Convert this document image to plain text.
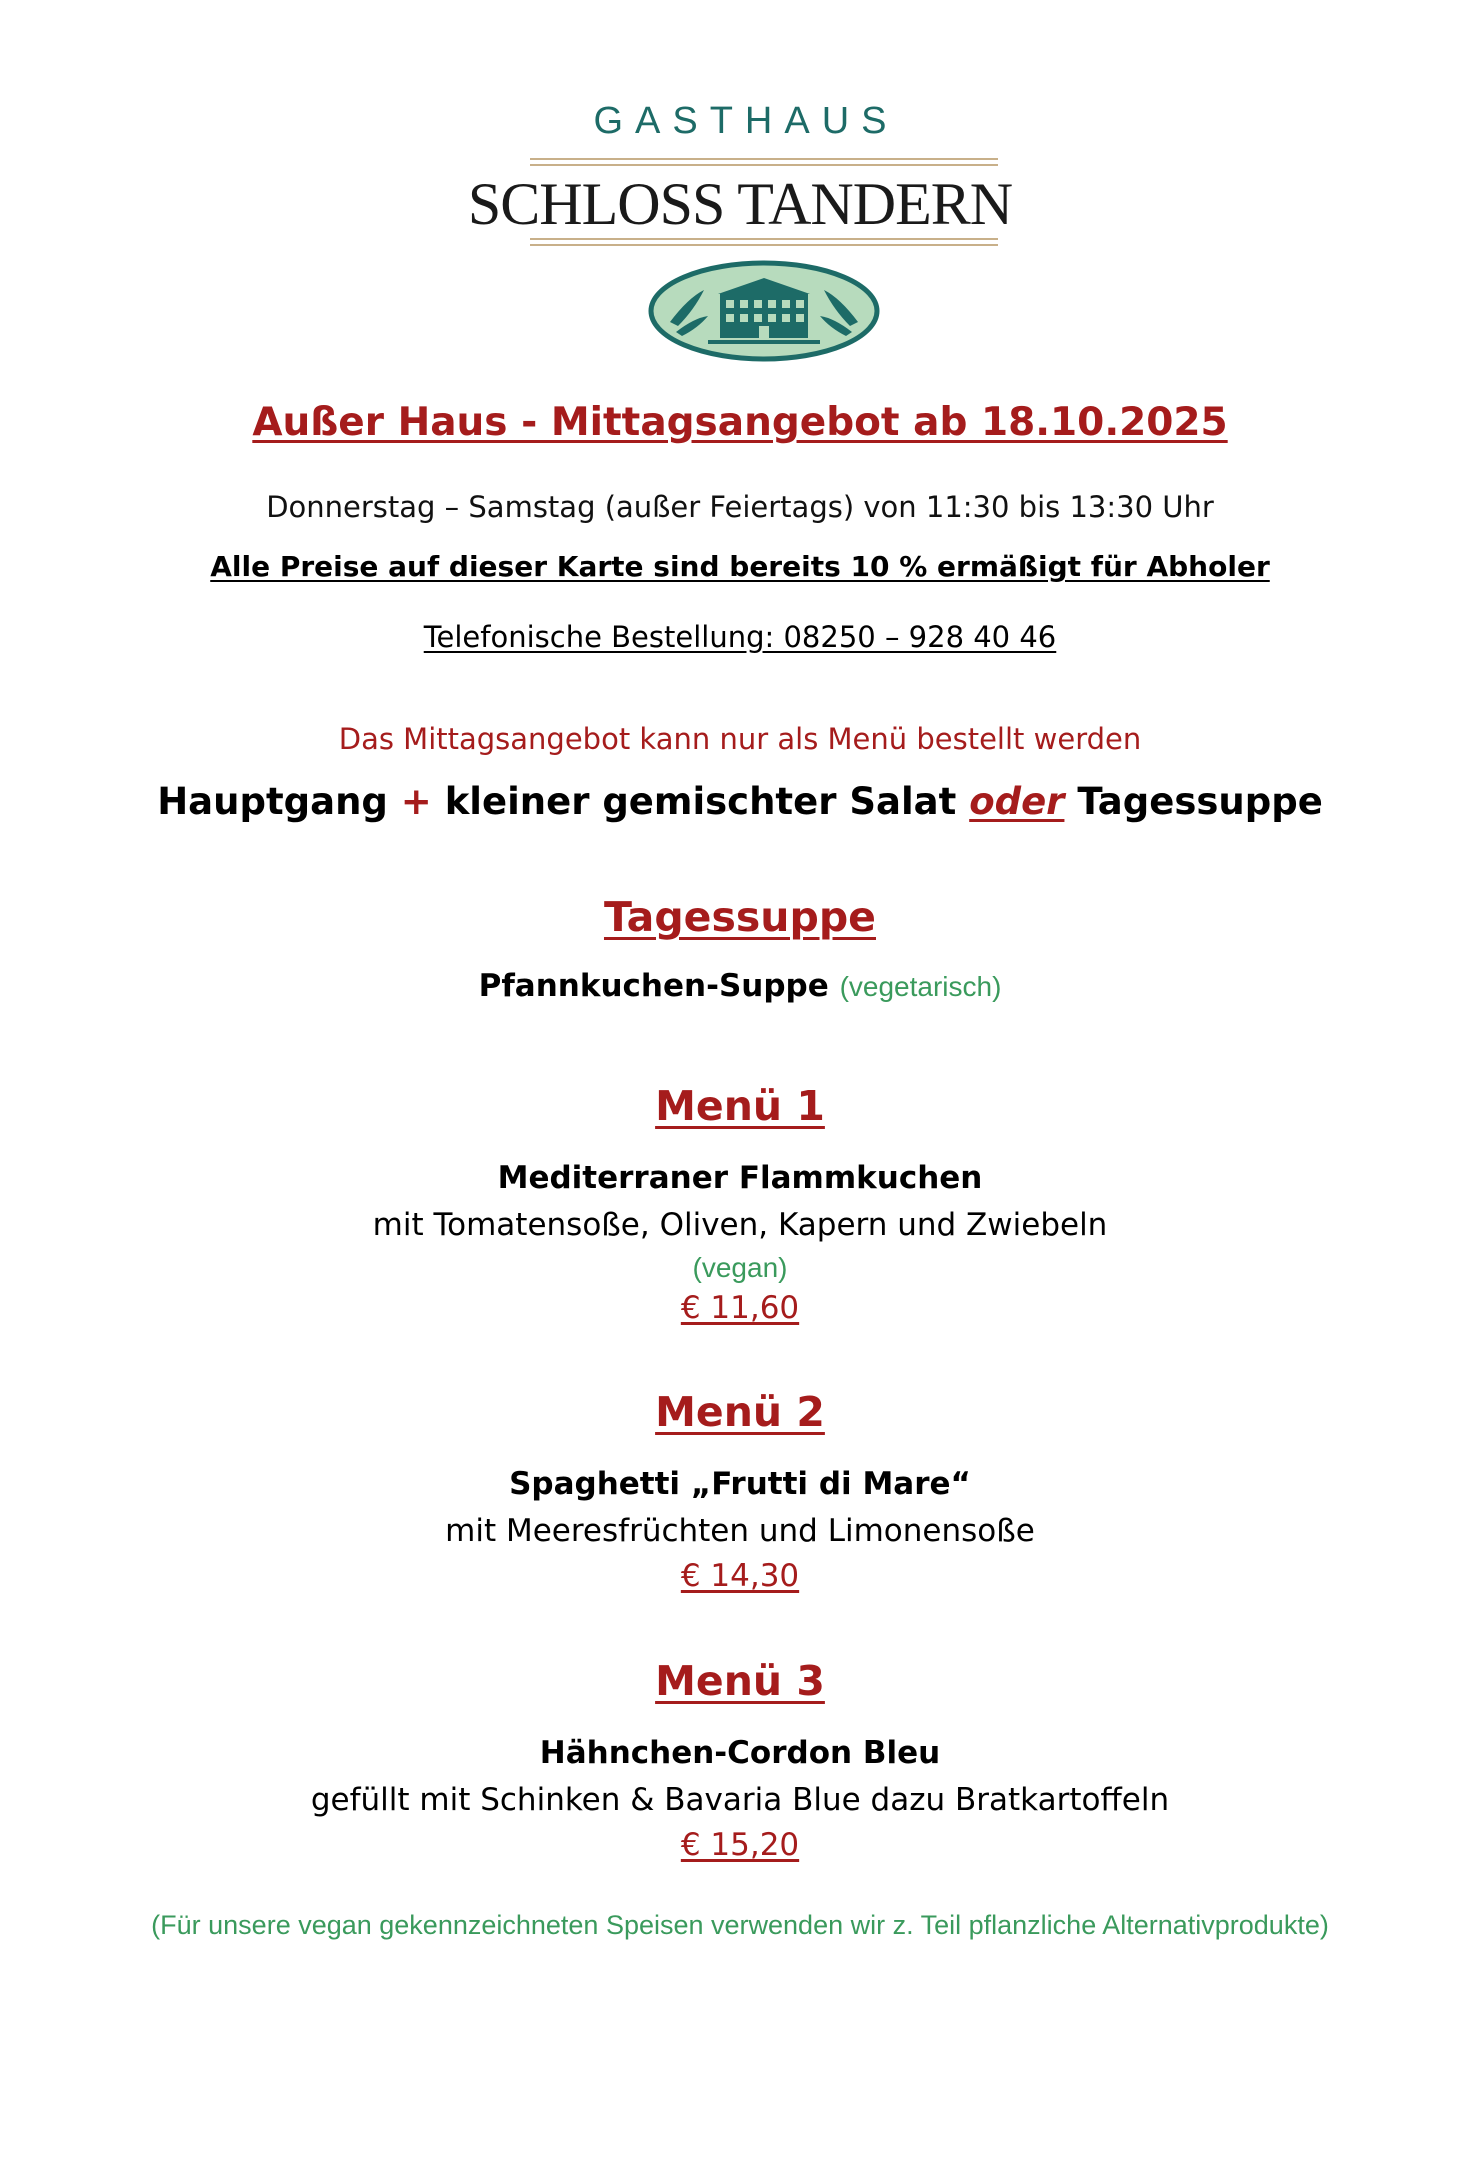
GASTHAUS
SCHLOSS TANDERN
Außer Haus - Mittagsangebot ab 18.10.2025
Donnerstag – Samstag (außer Feiertags) von 11:30 bis 13:30 Uhr
Alle Preise auf dieser Karte sind bereits 10 % ermäßigt für Abholer
Telefonische Bestellung: 08250 – 928 40 46
Das Mittagsangebot kann nur als Menü bestellt werden
Hauptgang + kleiner gemischter Salat oder Tagessuppe
Tagessuppe
Pfannkuchen-Suppe (vegetarisch)
Menü 1
Mediterraner Flammkuchen
mit Tomatensoße, Oliven, Kapern und Zwiebeln
(vegan)
€ 11,60
Menü 2
Spaghetti „Frutti di Mare“
mit Meeresfrüchten und Limonensoße
€ 14,30
Menü 3
Hähnchen-Cordon Bleu
gefüllt mit Schinken & Bavaria Blue dazu Bratkartoffeln
€ 15,20
(Für unsere vegan gekennzeichneten Speisen verwenden wir z. Teil pflanzliche Alternativprodukte)
